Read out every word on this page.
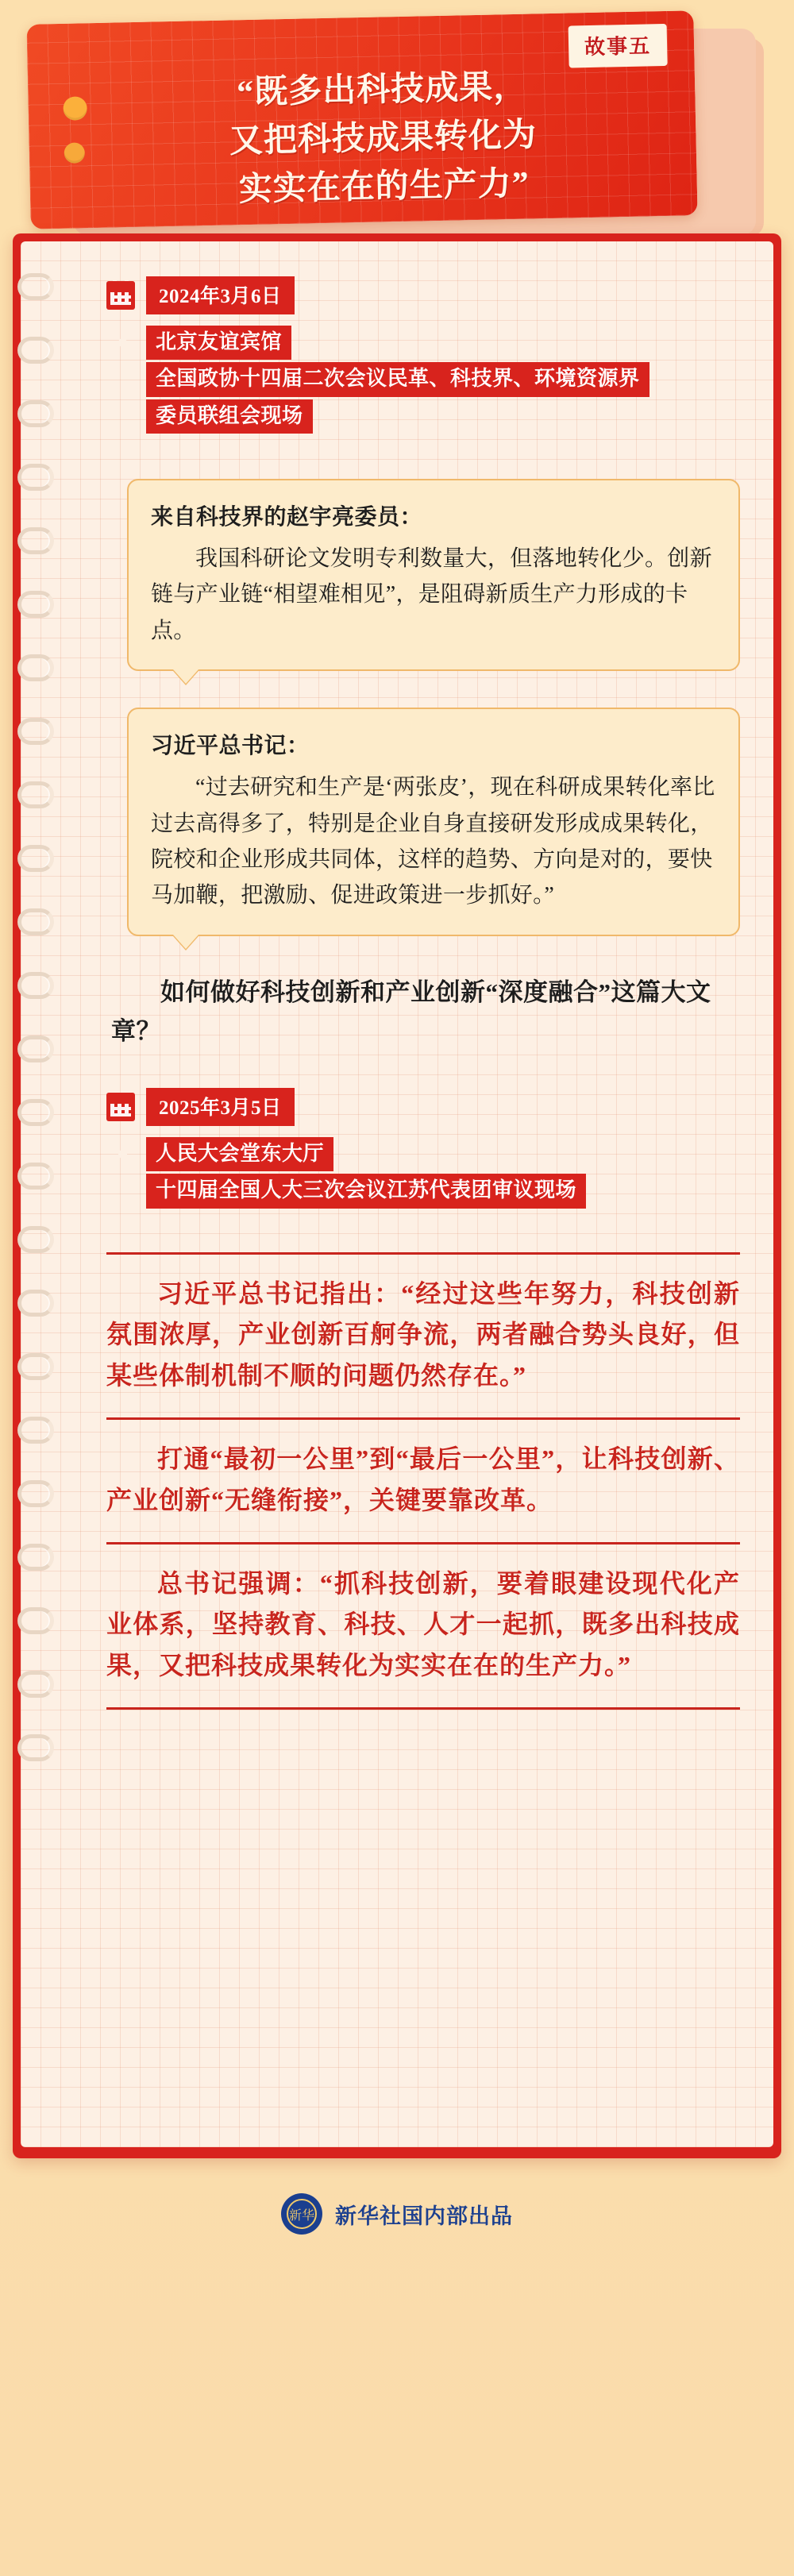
故事五
“既多出科技成果，
又把科技成果转化为
实实在在的生产力”
2024年3月6日
北京友谊宾馆
全国政协十四届二次会议民革、科技界、环境资源界
委员联组会现场
来自科技界的赵宇亮委员：
我国科研论文发明专利数量大，但落地转化少。创新链与产业链“相望难相见”，是阻碍新质生产力形成的卡点。
习近平总书记：
“过去研究和生产是‘两张皮’，现在科研成果转化率比过去高得多了，特别是企业自身直接研发形成成果转化，院校和企业形成共同体，这样的趋势、方向是对的，要快马加鞭，把激励、促进政策进一步抓好。”
如何做好科技创新和产业创新“深度融合”这篇大文章？
2025年3月5日
人民大会堂东大厅
十四届全国人大三次会议江苏代表团审议现场
习近平总书记指出：“经过这些年努力，科技创新氛围浓厚，产业创新百舸争流，两者融合势头良好，但某些体制机制不顺的问题仍然存在。”
打通“最初一公里”到“最后一公里”，让科技创新、产业创新“无缝衔接”，关键要靠改革。
总书记强调：“抓科技创新，要着眼建设现代化产业体系，坚持教育、科技、人才一起抓，既多出科技成果，又把科技成果转化为实实在在的生产力。”
新华 新华社国内部出品
